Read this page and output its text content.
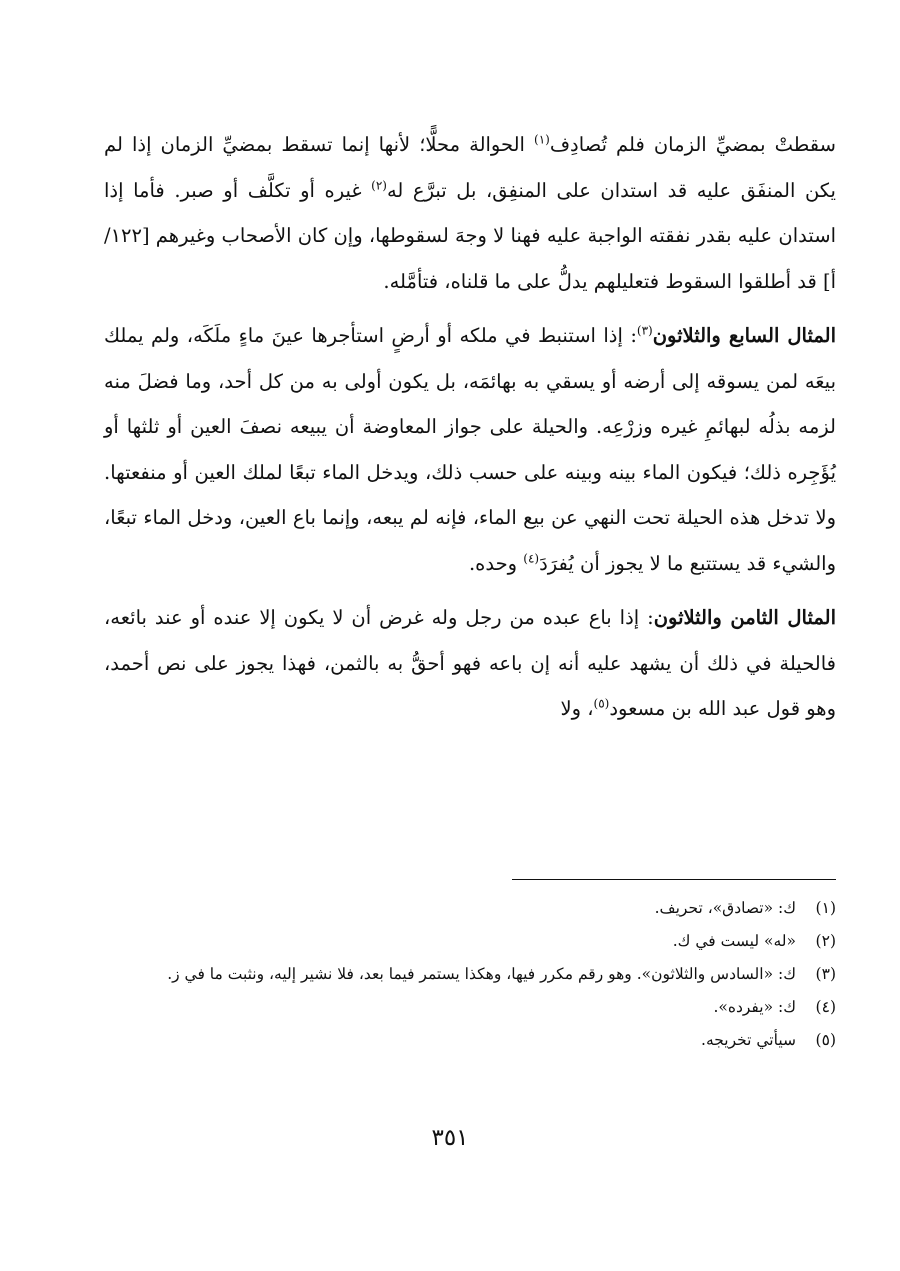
سقطتْ بمضيِّ الزمان فلم تُصادِف$^{(١)}$ الحوالة محلًّا؛ لأنها إنما تسقط بمضيِّ الزمان إذا لم يكن المنفَق عليه قد استدان على المنفِق، بل تبرَّع له$^{(٢)}$ غيره أو تكلَّف أو صبر. فأما إذا استدان عليه بقدر نفقته الواجبة عليه فهنا لا وجهَ لسقوطها، وإن كان الأصحاب وغيرهم [١٢٢/أ] قد أطلقوا السقوط فتعليلهم يدلُّ على ما قلناه، فتأمَّله.

المثال السابع والثلاثون$^{(٣)}$: إذا استنبط في ملكه أو أرضٍ استأجرها عينَ ماءٍ ملَكَه، ولم يملك بيعَه لمن يسوقه إلى أرضه أو يسقي به بهائمَه، بل يكون أولى به من كل أحد، وما فضلَ منه لزمه بذلُه لبهائمِ غيره وزرْعِه. والحيلة على جواز المعاوضة أن يبيعه نصفَ العين أو ثلثها أو يُؤَجِره ذلك؛ فيكون الماء بينه وبينه على حسب ذلك، ويدخل الماء تبعًا لملك العين أو منفعتها. ولا تدخل هذه الحيلة تحت النهي عن بيع الماء، فإنه لم يبعه، وإنما باع العين، ودخل الماء تبعًا، والشيء قد يستتبع ما لا يجوز أن يُفرَدَ$^{(٤)}$ وحده.

المثال الثامن والثلاثون: إذا باع عبده من رجل وله غرض أن لا يكون إلا عنده أو عند بائعه، فالحيلة في ذلك أن يشهد عليه أنه إن باعه فهو أحقُّ به بالثمن، فهذا يجوز على نص أحمد، وهو قول عبد الله بن مسعود$^{(٥)}$، ولا

(١)
ك: «تصادق»، تحريف.
(٢)
«له» ليست في ك.
(٣)
ك: «السادس والثلاثون». وهو رقم مكرر فيها، وهكذا يستمر فيما بعد، فلا نشير إليه، ونثبت ما في ز.
(٤)
ك: «يفرده».
(٥)
سيأتي تخريجه.
٣٥١
